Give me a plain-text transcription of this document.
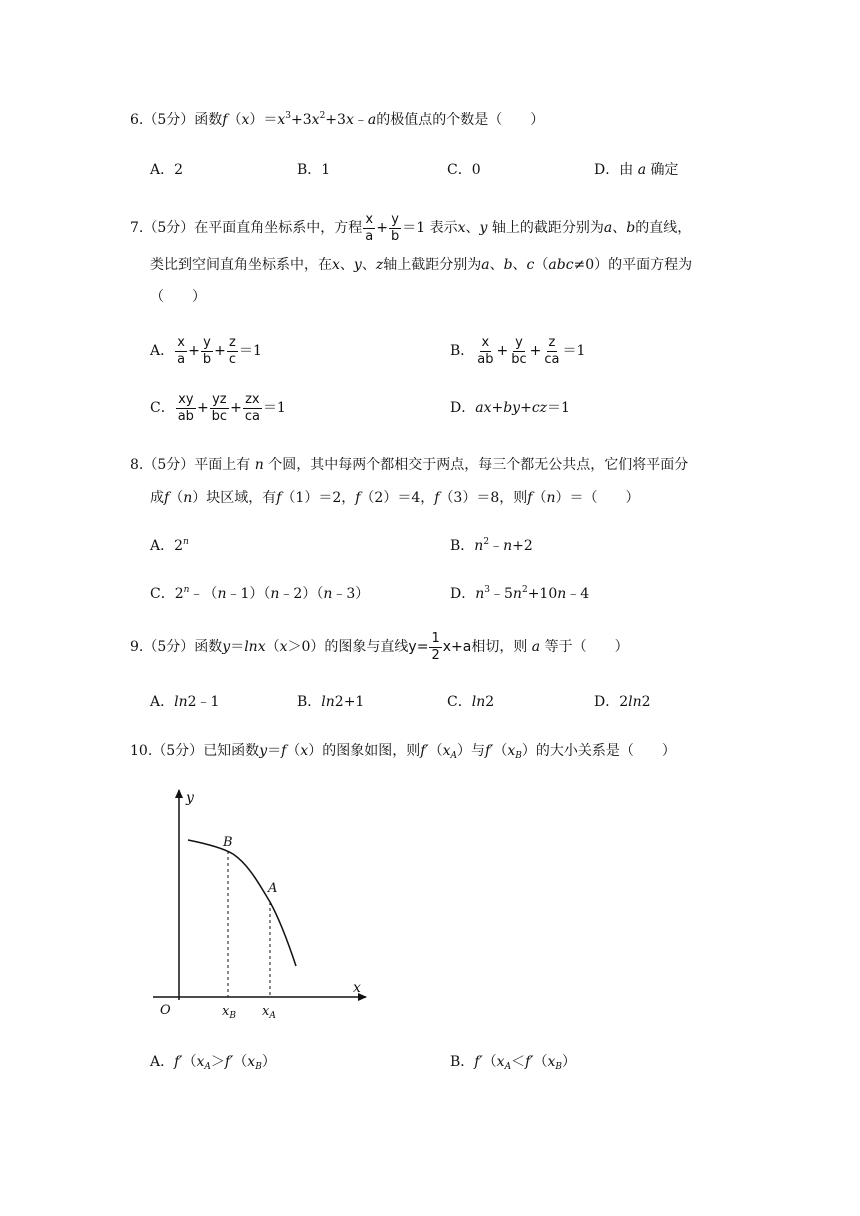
6.（5分）函数$f(x)=x^3+3x^2+3x﹣a$的极值点的个数是（　　）
A．2	B．1	C．0	D．由 a 确定
7.（5分）在平面直角坐标系中，方程 $\frac{x}{a} + \frac{y}{b} =1$ 表示x、y 轴上的截距分别为a、b的直线，
类比到空间直角坐标系中，在x、y、z轴上截距分别为a、b、c（abc≠0）的平面方程为
（　　）
A． $\frac{x}{a} + \frac{y}{b} + \frac{z}{c} =1$	B． $\frac{x}{ab} + \frac{y}{bc} + \frac{z}{ca} =1$
C． $\frac{xy}{ab} + \frac{yz}{bc} + \frac{zx}{ca} =1$	D．ax+by+cz＝1
8.（5分）平面上有 n 个圆，其中每两个都相交于两点，每三个都无公共点，它们将平面分
成f（n）块区域，有f（1）＝2，f（2）＝4，f（3）＝8，则f（n）＝（　　）
A．2$^n$	B．$n^2﹣n+2$
C．2$^n$﹣（n﹣1）（n﹣2）（n﹣3）	D．$n^3﹣5n^2+10n﹣4$
9.（5分）函数y＝lnx（x＞0）的图象与直线$y= \frac{1}{2} x+a$相切，则 a 等于（　　）
A．ln2﹣1	B．ln2+1	C．ln2	D．2ln2
10.（5分）已知函数y＝f（x）的图象如图，则$f'(x_A)$与$f'(x_B)$的大小关系是（　　）
y
x
O
B
A
$x_B$ $x_A$
A．$f'(x_A>f'(x_B)$	B．$f'(x_A<f'(x_B)$
